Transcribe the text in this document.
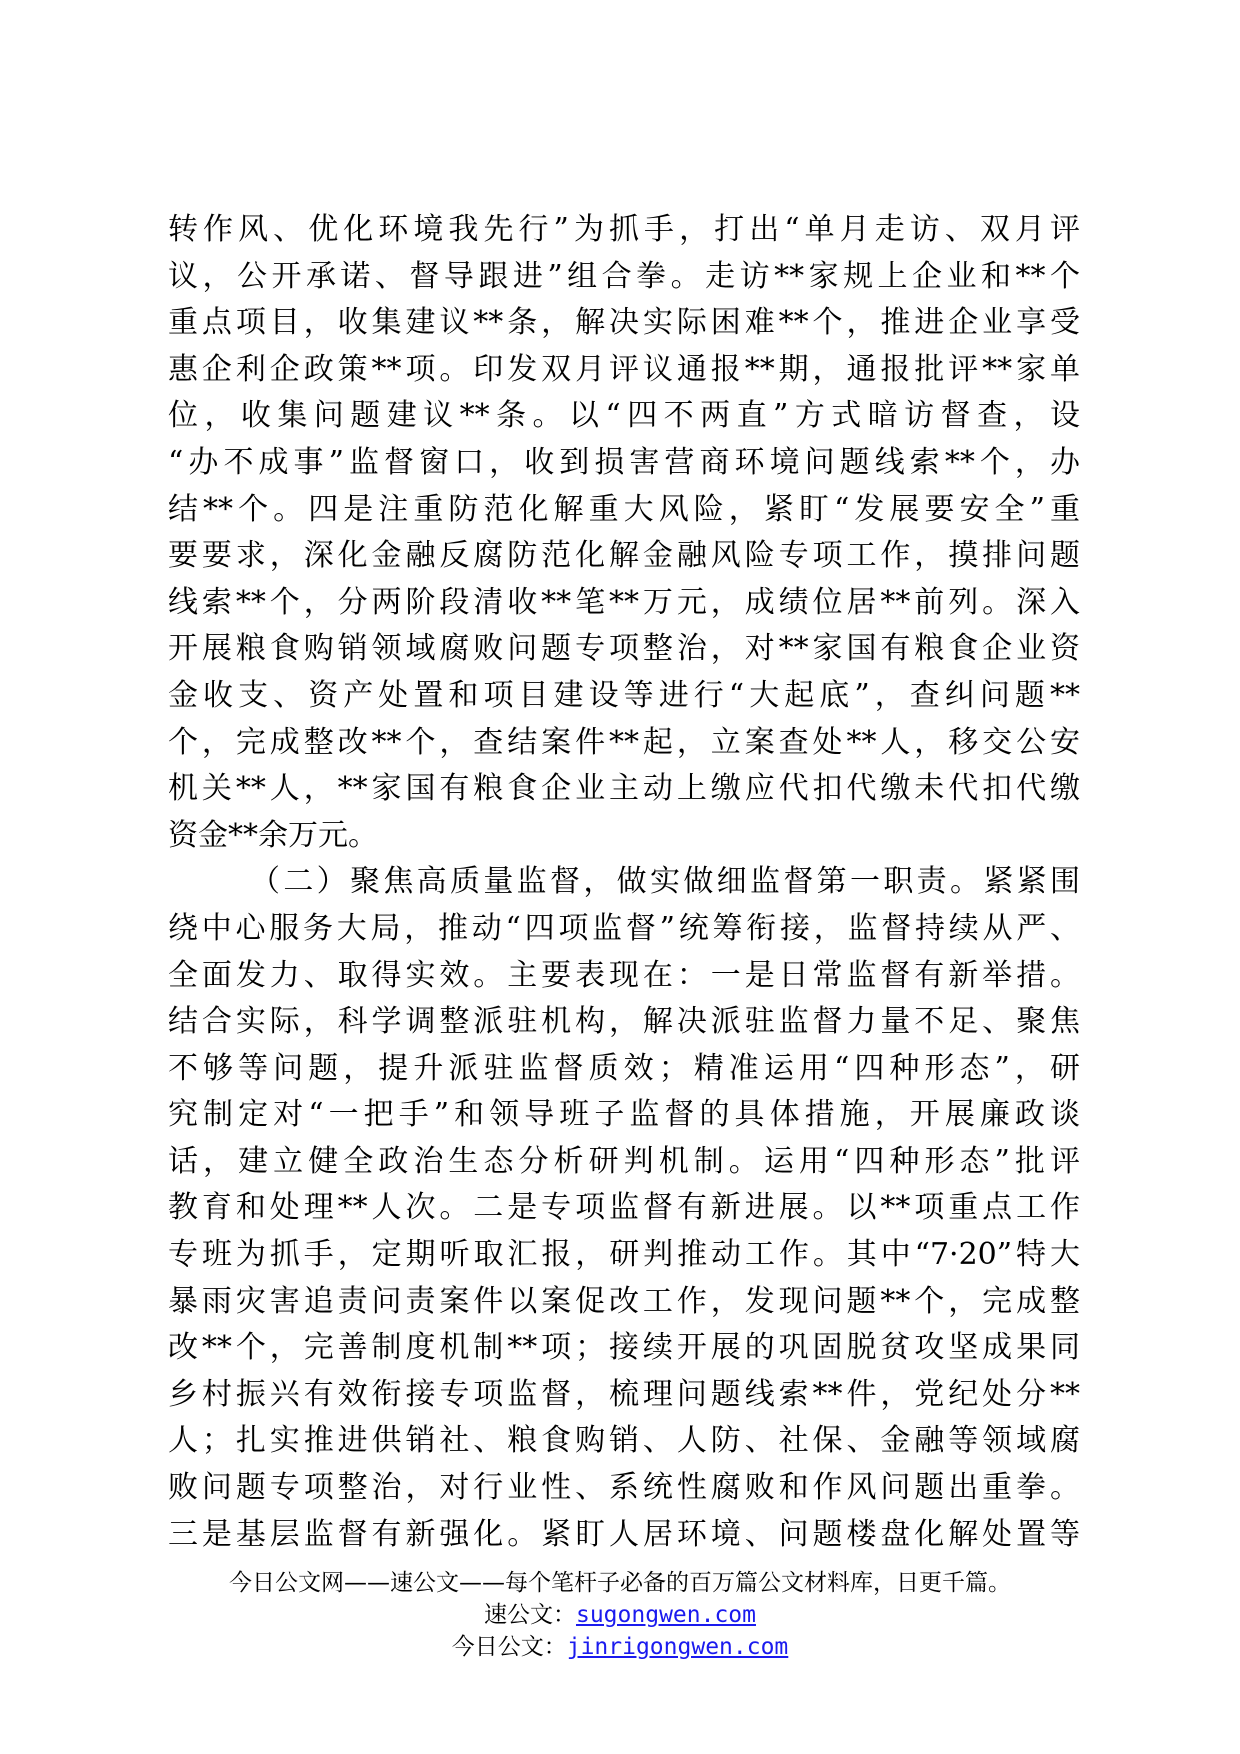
转作风、优化环境我先行”为抓手，打出“单月走访、双月评
议，公开承诺、督导跟进”组合拳。走访**家规上企业和**个
重点项目，收集建议**条，解决实际困难**个，推进企业享受
惠企利企政策**项。印发双月评议通报**期，通报批评**家单
位，收集问题建议**条。以“四不两直”方式暗访督查，设
“办不成事”监督窗口，收到损害营商环境问题线索**个，办
结**个。四是注重防范化解重大风险，紧盯“发展要安全”重
要要求，深化金融反腐防范化解金融风险专项工作，摸排问题
线索**个，分两阶段清收**笔**万元，成绩位居**前列。深入
开展粮食购销领域腐败问题专项整治，对**家国有粮食企业资
金收支、资产处置和项目建设等进行“大起底”，查纠问题**
个，完成整改**个，查结案件**起，立案查处**人，移交公安
机关**人，**家国有粮食企业主动上缴应代扣代缴未代扣代缴
资金**余万元。
（二）聚焦高质量监督，做实做细监督第一职责。紧紧围
绕中心服务大局，推动“四项监督”统筹衔接，监督持续从严、
全面发力、取得实效。主要表现在：一是日常监督有新举措。
结合实际，科学调整派驻机构，解决派驻监督力量不足、聚焦
不够等问题，提升派驻监督质效；精准运用“四种形态”，研
究制定对“一把手”和领导班子监督的具体措施，开展廉政谈
话，建立健全政治生态分析研判机制。运用“四种形态”批评
教育和处理**人次。二是专项监督有新进展。以**项重点工作
专班为抓手，定期听取汇报，研判推动工作。其中“7·20”特大
暴雨灾害追责问责案件以案促改工作，发现问题**个，完成整
改**个，完善制度机制**项；接续开展的巩固脱贫攻坚成果同
乡村振兴有效衔接专项监督，梳理问题线索**件，党纪处分**
人；扎实推进供销社、粮食购销、人防、社保、金融等领域腐
败问题专项整治，对行业性、系统性腐败和作风问题出重拳。
三是基层监督有新强化。紧盯人居环境、问题楼盘化解处置等
今日公文网——速公文——每个笔杆子必备的百万篇公文材料库，日更千篇。
速公文：sugongwen.com
今日公文：jinrigongwen.com
